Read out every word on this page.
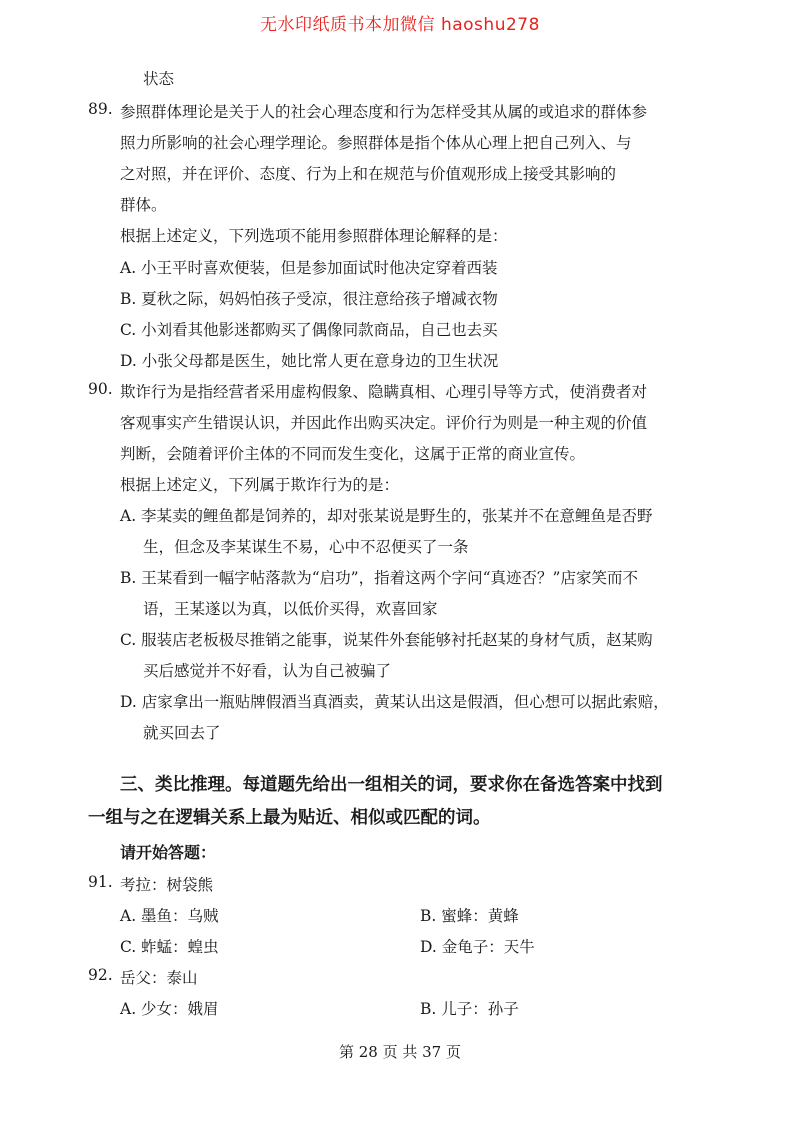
无水印纸质书本加微信 haoshu278
状态
89. 参照群体理论是关于人的社会心理态度和行为怎样受其从属的或追求的群体参
照力所影响的社会心理学理论。参照群体是指个体从心理上把自己列入、与
之对照，并在评价、态度、行为上和在规范与价值观形成上接受其影响的
群体。
根据上述定义，下列选项不能用参照群体理论解释的是：
A. 小王平时喜欢便装，但是参加面试时他决定穿着西装
B. 夏秋之际，妈妈怕孩子受凉，很注意给孩子增减衣物
C. 小刘看其他影迷都购买了偶像同款商品，自己也去买
D. 小张父母都是医生，她比常人更在意身边的卫生状况
90. 欺诈行为是指经营者采用虚构假象、隐瞒真相、心理引导等方式，使消费者对
客观事实产生错误认识，并因此作出购买决定。评价行为则是一种主观的价值
判断，会随着评价主体的不同而发生变化，这属于正常的商业宣传。
根据上述定义，下列属于欺诈行为的是：
A. 李某卖的鲤鱼都是饲养的，却对张某说是野生的，张某并不在意鲤鱼是否野
生，但念及李某谋生不易，心中不忍便买了一条
B. 王某看到一幅字帖落款为“启功”，指着这两个字问“真迹否？”店家笑而不
语，王某遂以为真，以低价买得，欢喜回家
C. 服装店老板极尽推销之能事，说某件外套能够衬托赵某的身材气质，赵某购
买后感觉并不好看，认为自己被骗了
D. 店家拿出一瓶贴牌假酒当真酒卖，黄某认出这是假酒，但心想可以据此索赔，
就买回去了
三、类比推理。每道题先给出一组相关的词，要求你在备选答案中找到
一组与之在逻辑关系上最为贴近、相似或匹配的词。
请开始答题：
91. 考拉：树袋熊
A. 墨鱼：乌贼	B. 蜜蜂：黄蜂
C. 蚱蜢：蝗虫	D. 金龟子：天牛
92. 岳父：泰山
A. 少女：娥眉	B. 儿子：孙子
第 28 页 共 37 页
